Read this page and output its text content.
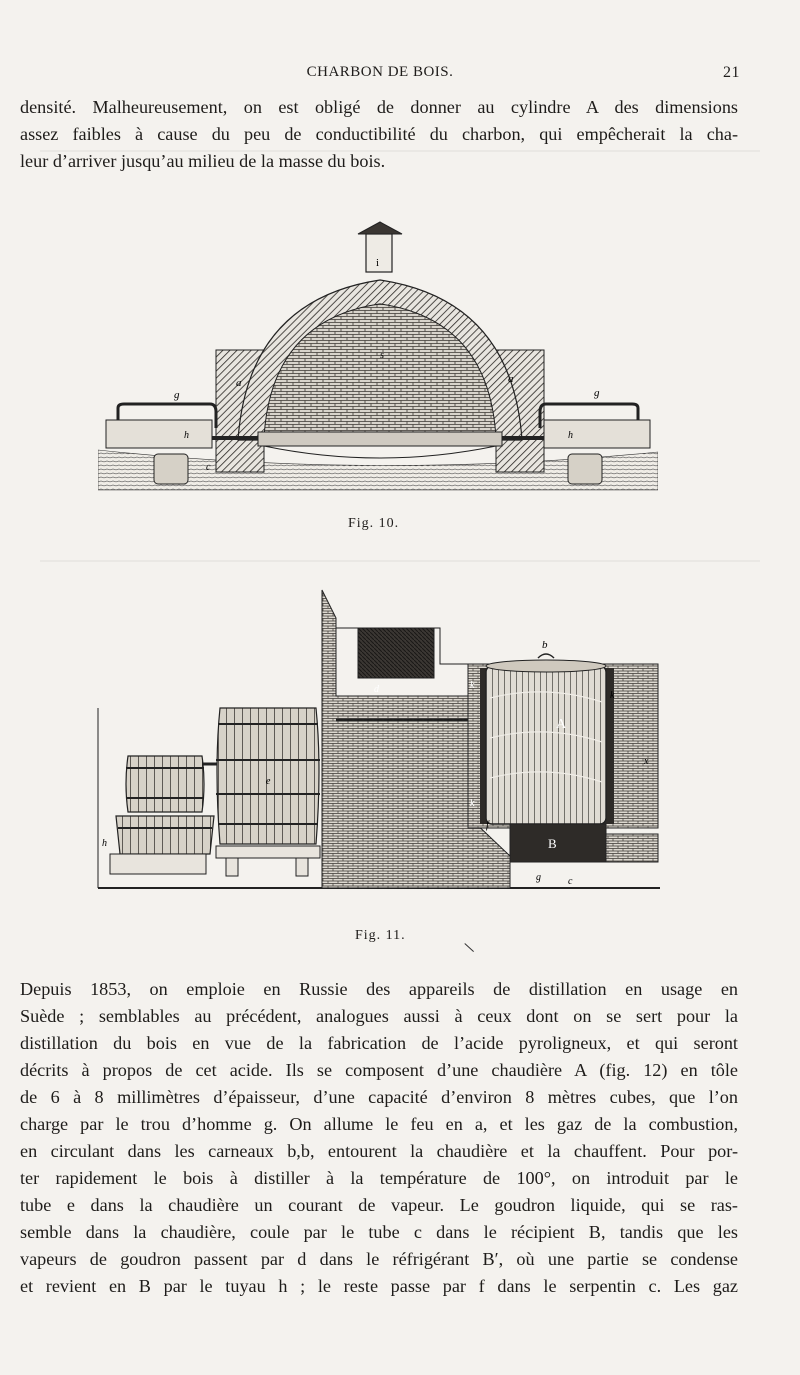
CHARBON DE BOIS.	21
densité. Malheureusement, on est obligé de donner au cylindre A des dimensions
assez faibles à cause du peu de conductibilité du charbon, qui empêcherait la cha-
leur d’arriver jusqu’au milieu de la masse du bois.
i
a	a
g	g
s
h	h
c
Fig. 10.
b
A
B
k
k
k
f
d
e
g	c
x
h
Fig. 11.
\
Depuis 1853, on emploie en Russie des appareils de distillation en usage en
Suède ; semblables au précédent, analogues aussi à ceux dont on se sert pour la
distillation du bois en vue de la fabrication de l’acide pyroligneux, et qui seront
décrits à propos de cet acide. Ils se composent d’une chaudière A (fig. 12) en tôle
de 6 à 8 millimètres d’épaisseur, d’une capacité d’environ 8 mètres cubes, que l’on
charge par le trou d’homme g. On allume le feu en a, et les gaz de la combustion,
en circulant dans les carneaux b,b, entourent la chaudière et la chauffent. Pour por-
ter rapidement le bois à distiller à la température de 100°, on introduit par le
tube e dans la chaudière un courant de vapeur. Le goudron liquide, qui se ras-
semble dans la chaudière, coule par le tube c dans le récipient B, tandis que les
vapeurs de goudron passent par d dans le réfrigérant B′, où une partie se condense
et revient en B par le tuyau h ; le reste passe par f dans le serpentin c. Les gaz
